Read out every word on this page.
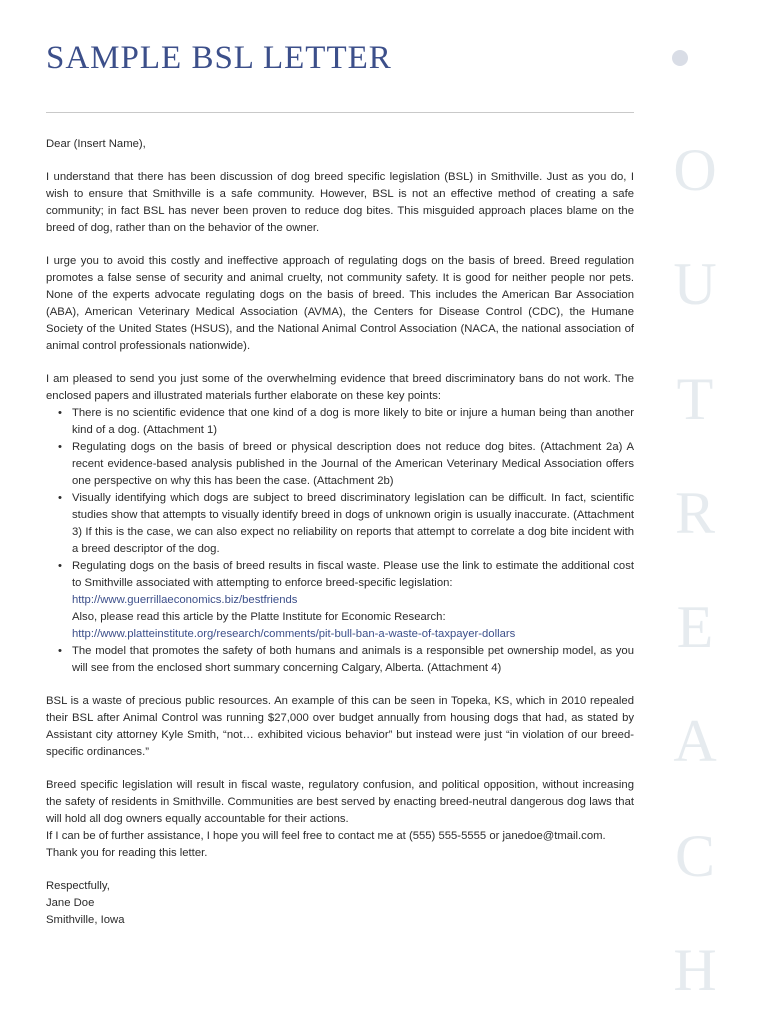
SAMPLE BSL LETTER
O
U
T
R
E
A
C
H

Dear (Insert Name),

I understand that there has been discussion of dog breed specific legislation (BSL) in Smithville. Just as you do, I wish to ensure that Smithville is a safe community. However, BSL is not an effective method of creating a safe community; in fact BSL has never been proven to reduce dog bites. This misguided approach places blame on the breed of dog, rather than on the behavior of the owner.

I urge you to avoid this costly and ineffective approach of regulating dogs on the basis of breed. Breed regulation promotes a false sense of security and animal cruelty, not community safety. It is good for neither people nor pets. None of the experts advocate regulating dogs on the basis of breed. This includes the American Bar Association (ABA), American Veterinary Medical Association (AVMA), the Centers for Disease Control (CDC), the Humane Society of the United States (HSUS), and the National Animal Control Association (NACA, the national association of animal control professionals nationwide).

I am pleased to send you just some of the overwhelming evidence that breed discriminatory bans do not work. The enclosed papers and illustrated materials further elaborate on these key points:

• There is no scientific evidence that one kind of a dog is more likely to bite or injure a human being than another kind of a dog. (Attachment 1)
• Regulating dogs on the basis of breed or physical description does not reduce dog bites. (Attachment 2a) A recent evidence-based analysis published in the Journal of the American Veterinary Medical Association offers one perspective on why this has been the case. (Attachment 2b)
• Visually identifying which dogs are subject to breed discriminatory legislation can be difficult. In fact, scientific studies show that attempts to visually identify breed in dogs of unknown origin is usually inaccurate. (Attachment 3) If this is the case, we can also expect no reliability on reports that attempt to correlate a dog bite incident with a breed descriptor of the dog.
• Regulating dogs on the basis of breed results in fiscal waste. Please use the link to estimate the additional cost to Smithville associated with attempting to enforce breed-specific legislation:
http://www.guerrillaeconomics.biz/bestfriends
Also, please read this article by the Platte Institute for Economic Research:
http://www.platteinstitute.org/research/comments/pit-bull-ban-a-waste-of-taxpayer-dollars
• The model that promotes the safety of both humans and animals is a responsible pet ownership model, as you will see from the enclosed short summary concerning Calgary, Alberta. (Attachment 4)

BSL is a waste of precious public resources. An example of this can be seen in Topeka, KS, which in 2010 repealed their BSL after Animal Control was running $27,000 over budget annually from housing dogs that had, as stated by Assistant city attorney Kyle Smith, “not… exhibited vicious behavior” but instead were just “in violation of our breed-specific ordinances.”

Breed specific legislation will result in fiscal waste, regulatory confusion, and political opposition, without increasing the safety of residents in Smithville. Communities are best served by enacting breed-neutral dangerous dog laws that will hold all dog owners equally accountable for their actions.
If I can be of further assistance, I hope you will feel free to contact me at (555) 555-5555 or janedoe@tmail.com.
Thank you for reading this letter.

Respectfully,

Jane Doe

Smithville, Iowa
